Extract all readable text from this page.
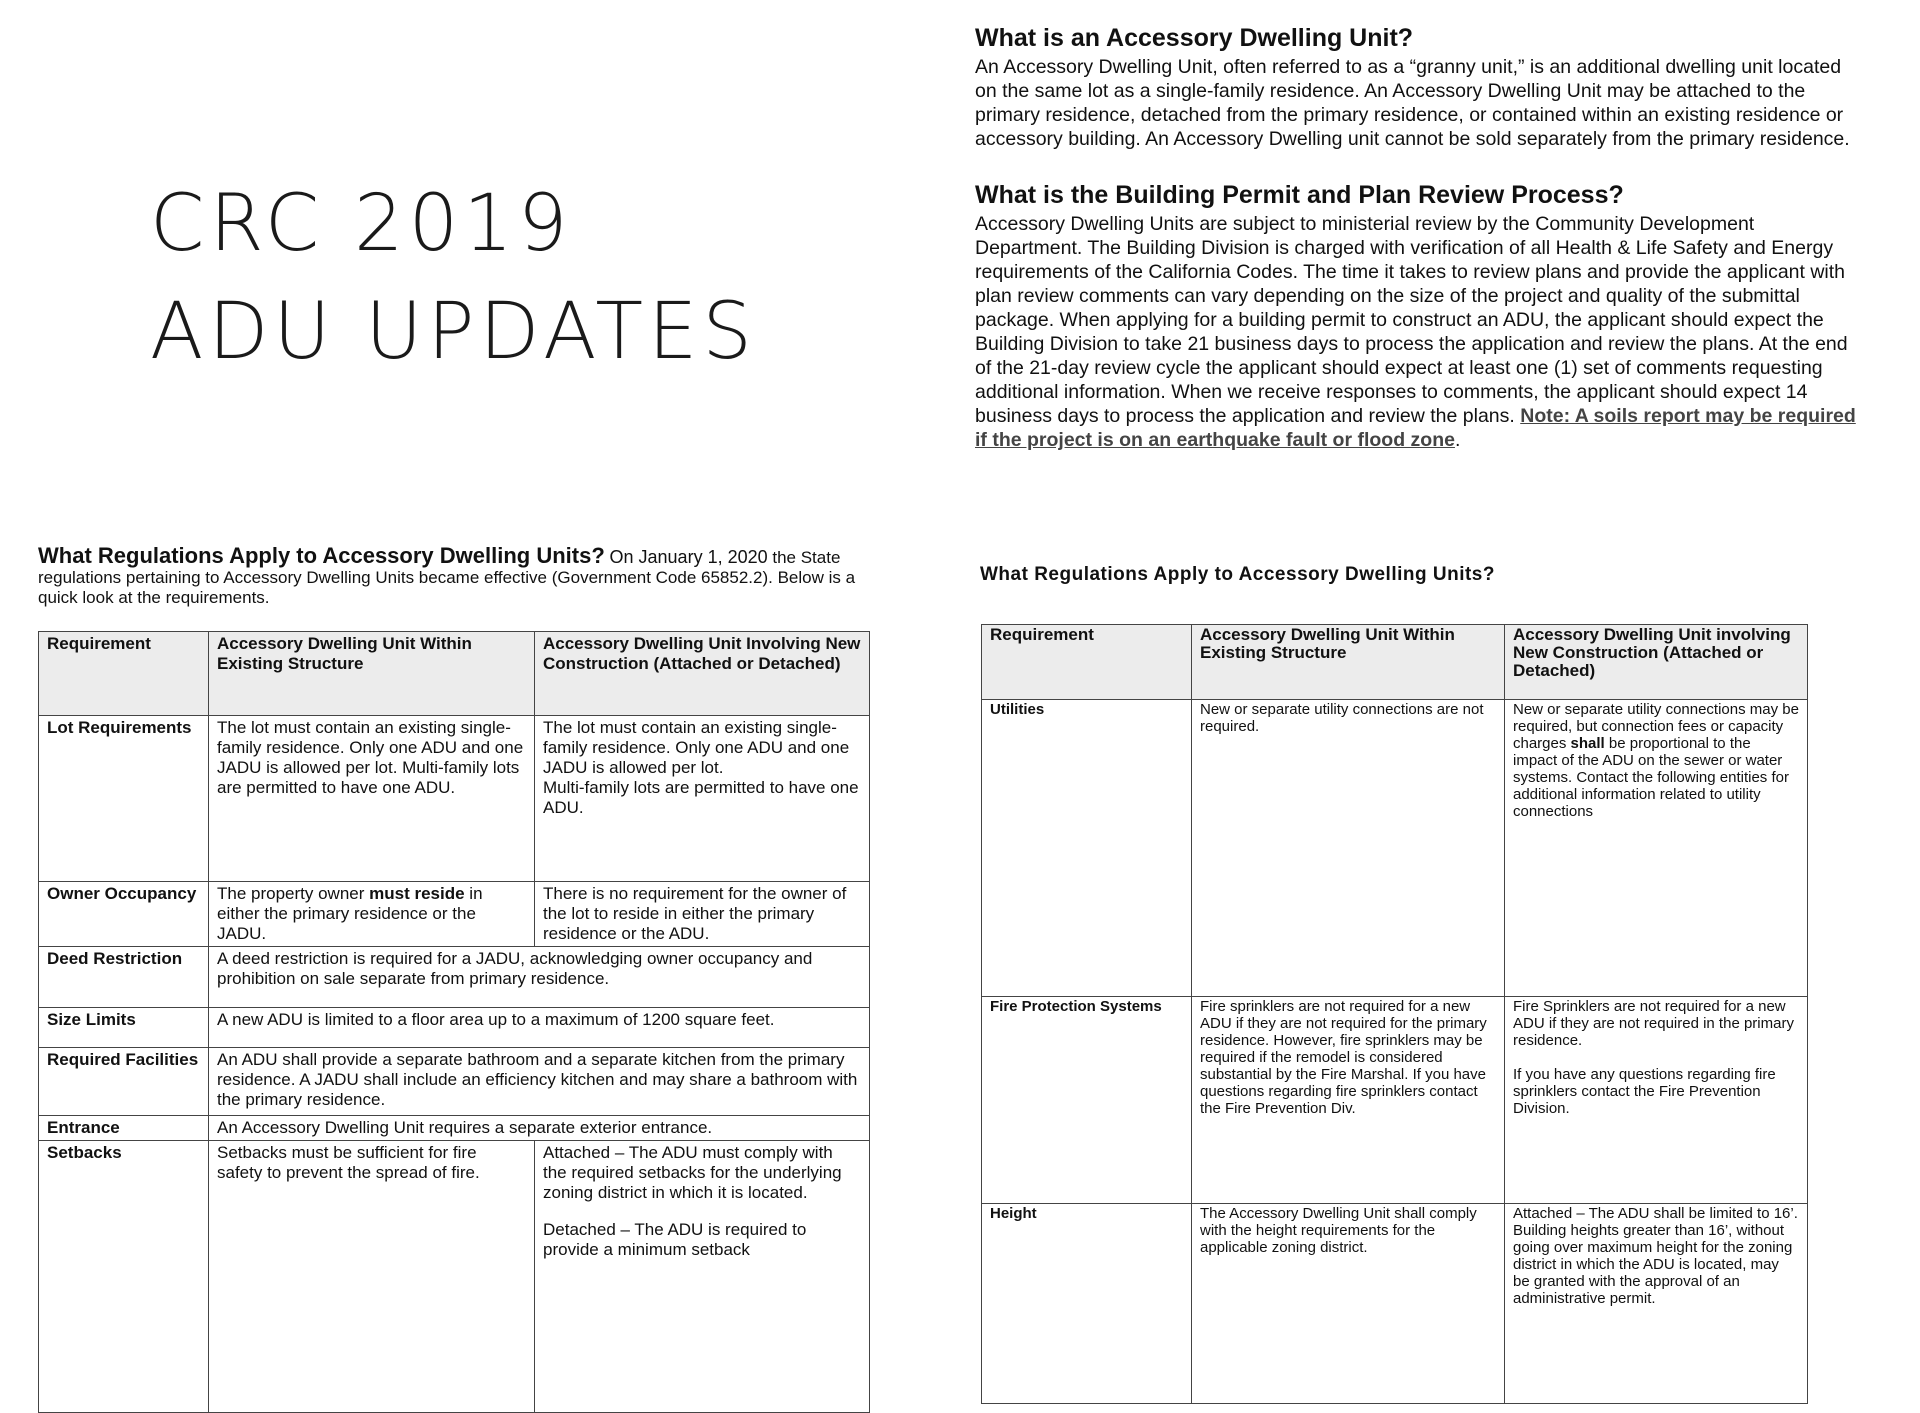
CRC 2019
ADU UPDATES
What is an Accessory Dwelling Unit?

An Accessory Dwelling Unit, often referred to as a “granny unit,” is an additional dwelling unit located on the same lot as a single-family residence. An Accessory Dwelling Unit may be attached to the primary residence, detached from the primary residence, or contained within an existing residence or accessory building. An Accessory Dwelling unit cannot be sold separately from the primary residence.

What is the Building Permit and Plan Review Process?

Accessory Dwelling Units are subject to ministerial review by the Community Development Department. The Building Division is charged with verification of all Health & Life Safety and Energy requirements of the California Codes. The time it takes to review plans and provide the applicant with plan review comments can vary depending on the size of the project and quality of the submittal package. When applying for a building permit to construct an ADU, the applicant should expect the Building Division to take 21 business days to process the application and review the plans. At the end of the 21-day review cycle the applicant should expect at least one (1) set of comments requesting additional information. When we receive responses to comments, the applicant should expect 14 business days to process the application and review the plans. Note: A soils report may be required if the project is on an earthquake fault or flood zone.

What Regulations Apply to Accessory Dwelling Units? On January 1, 2020 the State regulations pertaining to Accessory Dwelling Units became effective (Government Code 65852.2). Below is a quick look at the requirements.

Requirement	Accessory Dwelling Unit Within Existing Structure	Accessory Dwelling Unit Involving New Construction (Attached or Detached)
Lot Requirements	The lot must contain an existing single-family residence. Only one ADU and one JADU is allowed per lot. Multi-family lots are permitted to have one ADU.	The lot must contain an existing single-family residence. Only one ADU and one JADU is allowed per lot.
Multi-family lots are permitted to have one ADU.

Owner Occupancy	The property owner must reside in either the primary residence or the JADU.	There is no requirement for the owner of the lot to reside in either the primary residence or the ADU.
Deed Restriction	A deed restriction is required for a JADU, acknowledging owner occupancy and prohibition on sale separate from primary residence.	
Size Limits	A new ADU is limited to a floor area up to a maximum of 1200 square feet.	
Required Facilities	An ADU shall provide a separate bathroom and a separate kitchen from the primary residence. A JADU shall include an efficiency kitchen and may share a bathroom with the primary residence.	
Entrance	An Accessory Dwelling Unit requires a separate exterior entrance.	
Setbacks	Setbacks must be sufficient for fire safety to prevent the spread of fire.	Attached – The ADU must comply with the required setbacks for the underlying zoning district in which it is located.
Detached – The ADU is required to provide a minimum setback
What Regulations Apply to Accessory Dwelling Units?
Requirement	Accessory Dwelling Unit Within Existing Structure	Accessory Dwelling Unit involving New Construction (Attached or Detached)
Utilities	New or separate utility connections are not required.	New or separate utility connections may be required, but connection fees or capacity charges shall be proportional to the impact of the ADU on the sewer or water systems. Contact the following entities for additional information related to utility connections
Fire Protection Systems	Fire sprinklers are not required for a new ADU if they are not required for the primary residence. However, fire sprinklers may be required if the remodel is considered substantial by the Fire Marshal. If you have questions regarding fire sprinklers contact the Fire Prevention Div.	Fire Sprinklers are not required for a new ADU if they are not required in the primary residence.
If you have any questions regarding fire sprinklers contact the Fire Prevention Division.

Height	The Accessory Dwelling Unit shall comply with the height requirements for the applicable zoning district.	Attached – The ADU shall be limited to 16’. Building heights greater than 16’, without going over maximum height for the zoning district in which the ADU is located, may be granted with the approval of an administrative permit.
